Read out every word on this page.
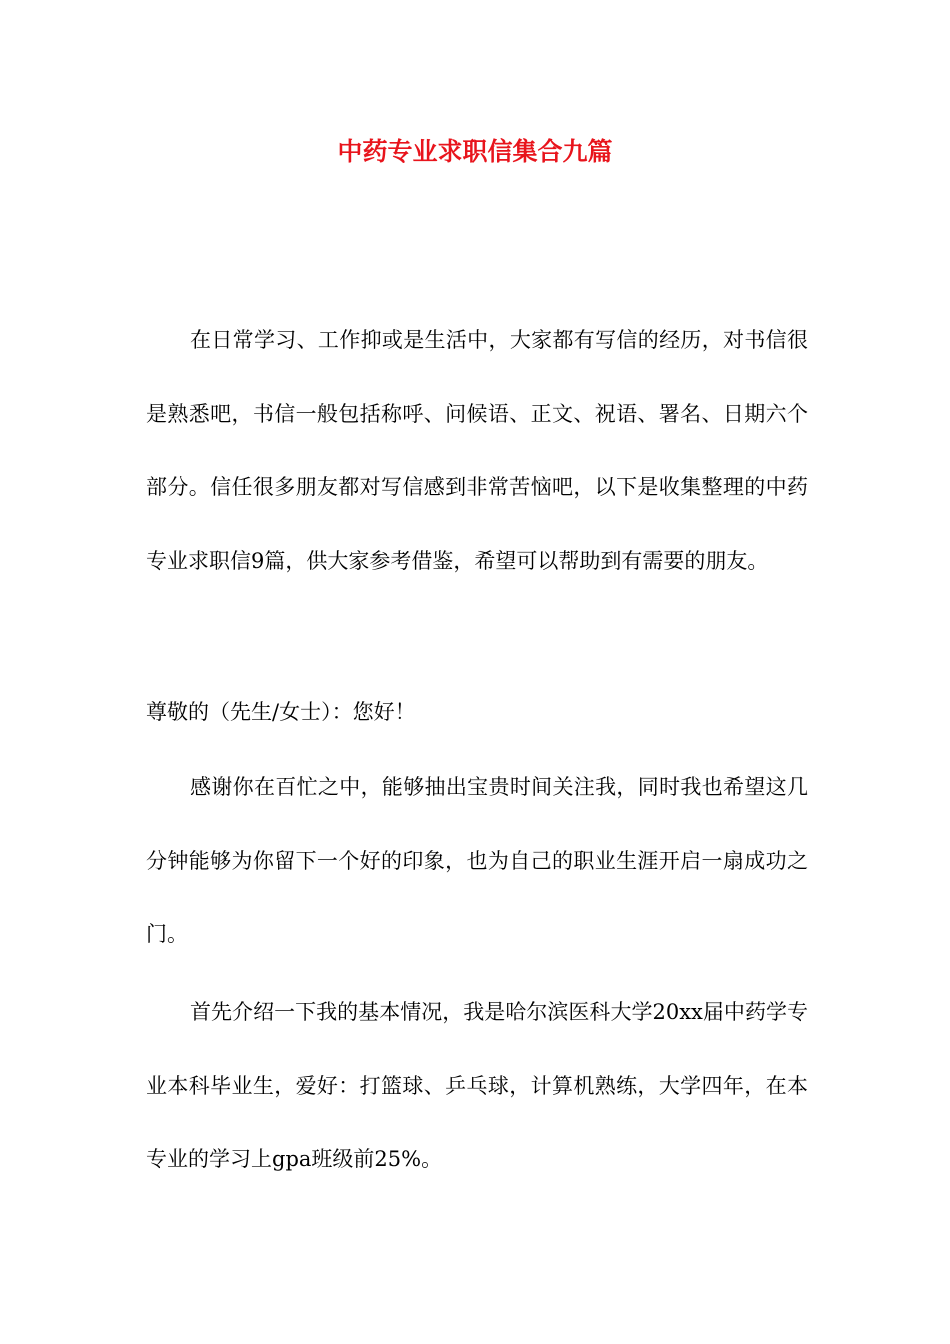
中药专业求职信集合九篇

在日常学习、工作抑或是生活中，大家都有写信的经历，对书信很是熟悉吧，书信一般包括称呼、问候语、正文、祝语、署名、日期六个部分。信任很多朋友都对写信感到非常苦恼吧，以下是收集整理的中药专业求职信9篇，供大家参考借鉴，希望可以帮助到有需要的朋友。

尊敬的（先生/女士）：您好！

感谢你在百忙之中，能够抽出宝贵时间关注我，同时我也希望这几分钟能够为你留下一个好的印象，也为自己的职业生涯开启一扇成功之门。

首先介绍一下我的基本情况，我是哈尔滨医科大学20xx届中药学专业本科毕业生，爱好：打篮球、乒乓球，计算机熟练，大学四年，在本专业的学习上gpa班级前25%。
